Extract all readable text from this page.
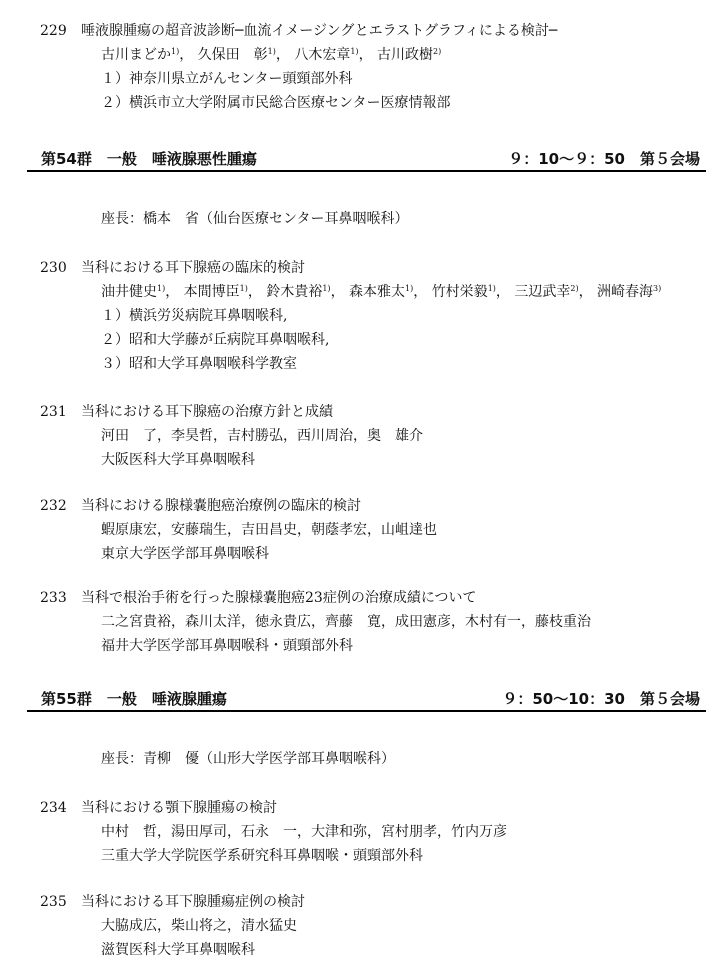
229	唾液腺腫瘍の超音波診断─血流イメージングとエラストグラフィによる検討─
古川まどか$^{1)}$， 久保田　彰$^{1)}$， 八木宏章$^{1)}$， 古川政樹$^{2)}$
１）神奈川県立がんセンター頭頸部外科
２）横浜市立大学附属市民総合医療センター医療情報部
第54群　一般　唾液腺悪性腫瘍	９：10〜９：50　第５会場
座長：橋本　省（仙台医療センター耳鼻咽喉科）
230	当科における耳下腺癌の臨床的検討
油井健史$^{1)}$， 本間博臣$^{1)}$， 鈴木貴裕$^{1)}$， 森本雅太$^{1)}$， 竹村栄毅$^{1)}$， 三辺武幸$^{2)}$， 洲崎春海$^{3)}$
１）横浜労災病院耳鼻咽喉科,
２）昭和大学藤が丘病院耳鼻咽喉科,
３）昭和大学耳鼻咽喉科学教室
231	当科における耳下腺癌の治療方針と成績
河田　了，李昊哲，吉村勝弘，西川周治，奥　雄介
大阪医科大学耳鼻咽喉科
232	当科における腺様嚢胞癌治療例の臨床的検討
蝦原康宏，安藤瑞生，吉田昌史，朝蔭孝宏，山岨達也
東京大学医学部耳鼻咽喉科
233	当科で根治手術を行った腺様嚢胞癌23症例の治療成績について
二之宮貴裕，森川太洋，徳永貴広，齊藤　寛，成田憲彦，木村有一，藤枝重治
福井大学医学部耳鼻咽喉科・頭頸部外科
第55群　一般　唾液腺腫瘍	９：50〜10：30　第５会場
座長：青柳　優（山形大学医学部耳鼻咽喉科）
234	当科における顎下腺腫瘍の検討
中村　哲，湯田厚司，石永　一，大津和弥，宮村朋孝，竹内万彦
三重大学大学院医学系研究科耳鼻咽喉・頭頸部外科
235	当科における耳下腺腫瘍症例の検討
大脇成広，柴山将之，清水猛史
滋賀医科大学耳鼻咽喉科
